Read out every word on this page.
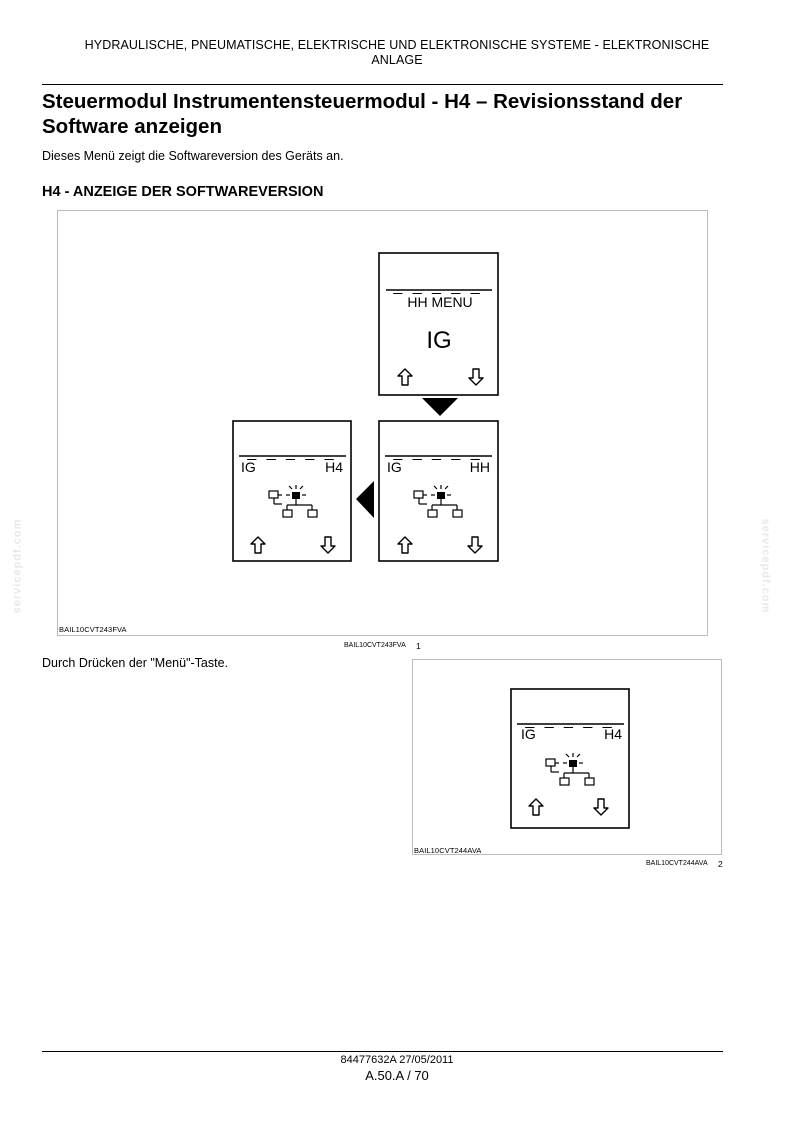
HYDRAULISCHE, PNEUMATISCHE, ELEKTRISCHE UND ELEKTRONISCHE SYSTEME - ELEKTRONISCHE
ANLAGE
Steuermodul Instrumentensteuermodul - H4 – Revisionsstand der
Software anzeigen
Dieses Menü zeigt die Softwareversion des Geräts an.
H4 - ANZEIGE DER SOFTWAREVERSION
_ _ _ _ _
HH MENU
IG
_ _ _ _ _
IG	HH
_ _ _ _ _
IG	H4
BAIL10CVT243FVA
BAIL10CVT243FVA 1
Durch Drücken der "Menü"-Taste.
_ _ _ _ _
IG	H4
BAIL10CVT244AVA
BAIL10CVT244AVA 2
servicepdf.com	servicepdf.com
84477632A 27/05/2011
A.50.A / 70
